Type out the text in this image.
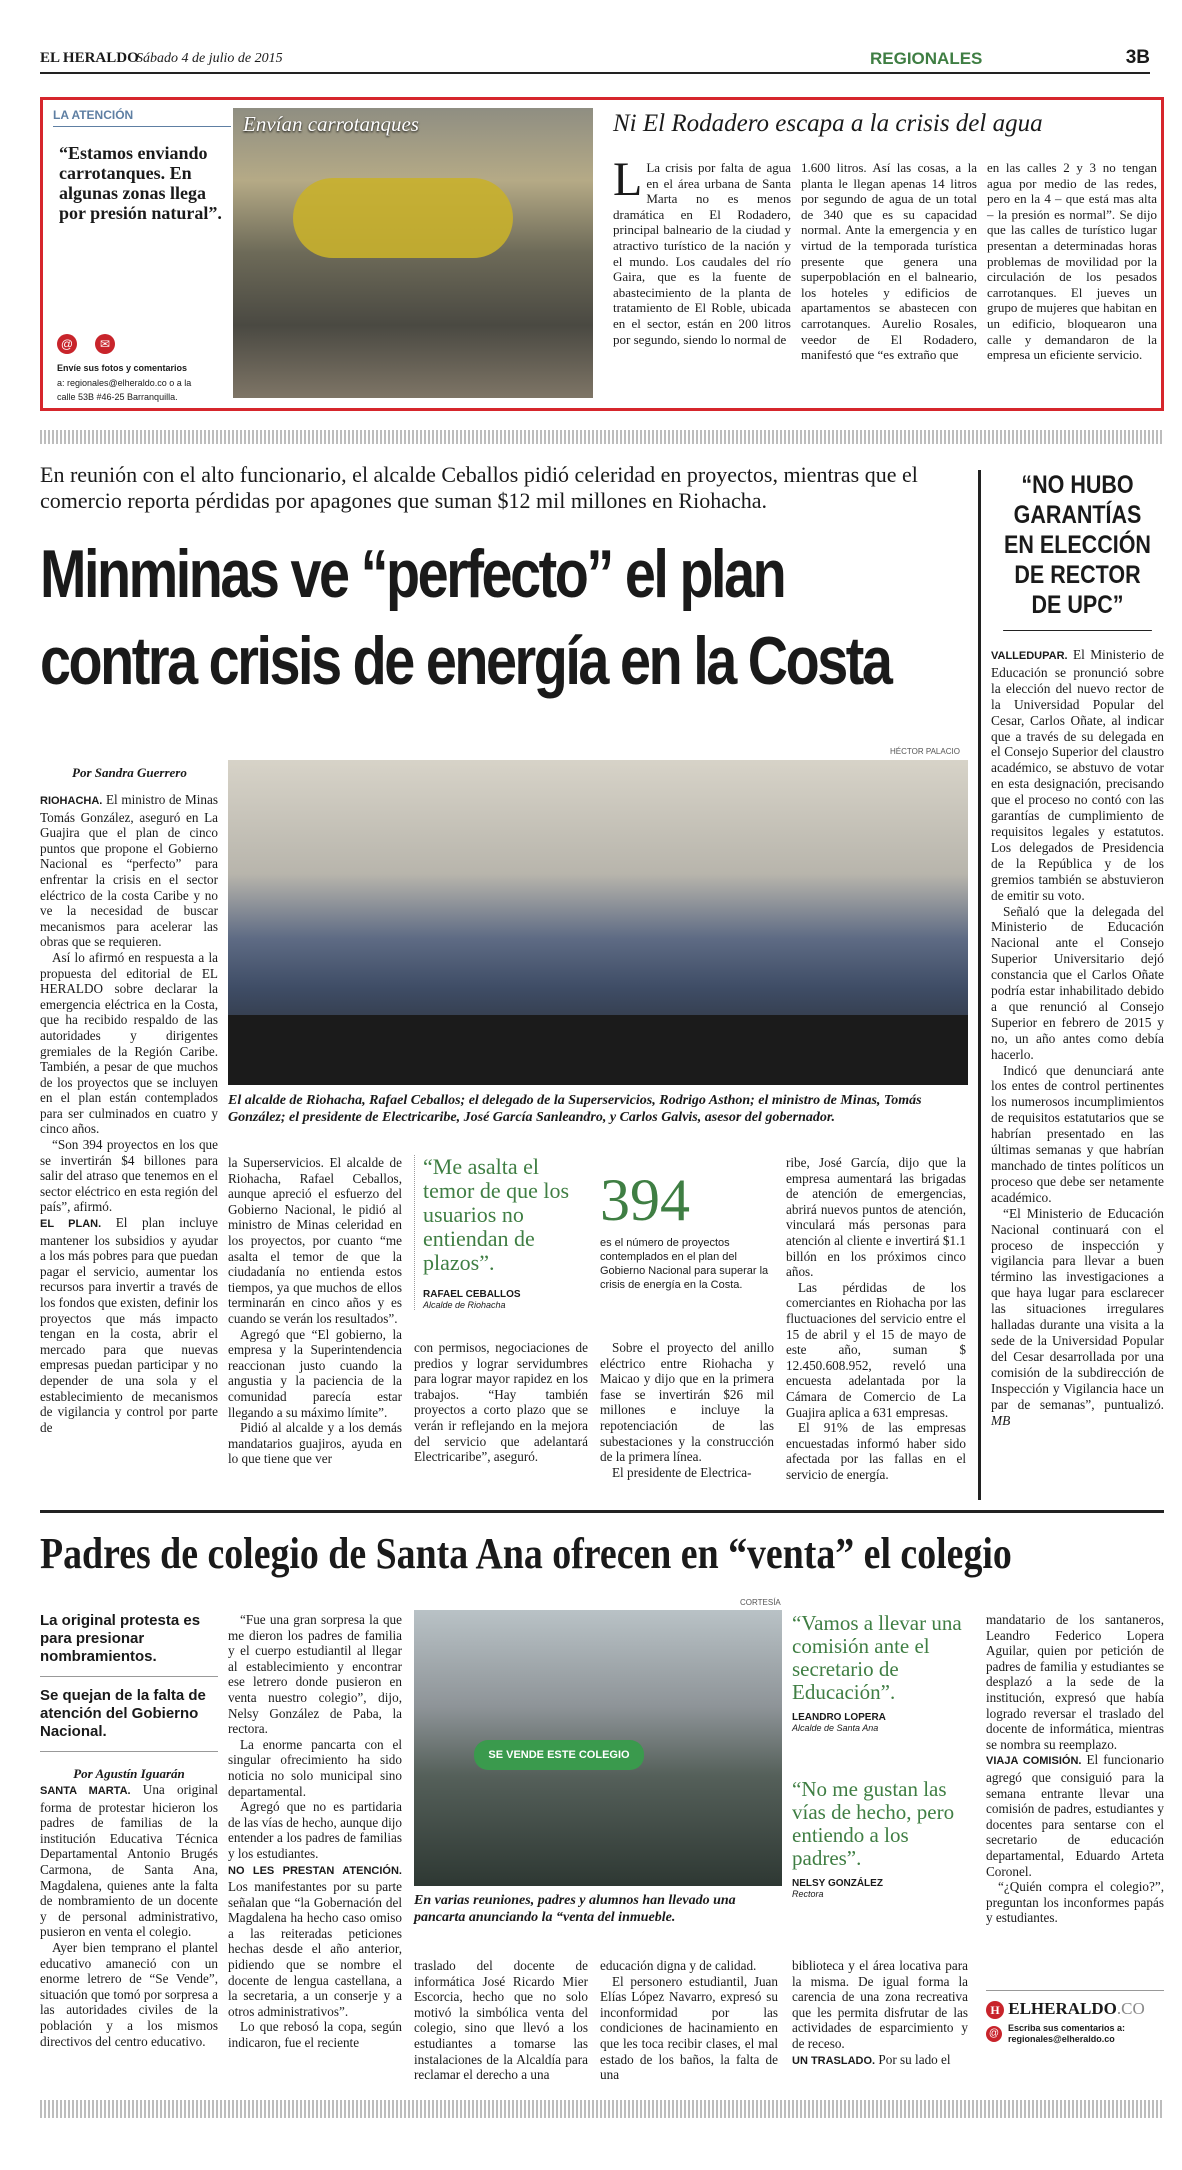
EL HERALDO
Sábado 4 de julio de 2015	REGIONALES	3B
LA ATENCIÓN
“Estamos enviando carrotanques. En algunas zonas llega por presión natural”.
@ ✉
Envíe sus fotos y comentarios
a: regionales@elheraldo.co o a la
calle 53B #46-25 Barranquilla.
Envían carrotanques	Ni El Rodadero escapa a la crisis del agua

L La crisis por falta de agua en el área urbana de Santa Marta no es menos dramática en El Rodadero, principal balneario de la ciudad y atractivo turístico de la nación y el mundo. Los caudales del río Gaira, que es la fuente de abastecimiento de la planta de tratamiento de El Roble, ubicada en el sector, están en 200 litros por segundo, siendo lo normal de

1.600 litros. Así las cosas, a la planta le llegan apenas 14 litros por segundo de agua de un total de 340 que es su capacidad normal. Ante la emergencia y en virtud de la temporada turística presente que genera una superpoblación en el balneario, los hoteles y edificios de apartamentos se abastecen con carrotanques. Aurelio Rosales, veedor de El Rodadero, manifestó que “es extraño que

en las calles 2 y 3 no tengan agua por medio de las redes, pero en la 4 – que está mas alta – la presión es normal”. Se dijo que las calles de turístico lugar presentan a determinadas horas problemas de movilidad por la circulación de los pesados carrotanques. El jueves un grupo de mujeres que habitan en un edificio, bloquearon una calle y demandaron de la empresa un eficiente servicio.

En reunión con el alto funcionario, el alcalde Ceballos pidió celeridad en proyectos, mientras que el comercio reporta pérdidas por apagones que suman $12 mil millones en Riohacha.
Minminas ve “perfecto” el plan
contra crisis de energía en la Costa
Por Sandra Guerrero
HÉCTOR PALACIO
El alcalde de Riohacha, Rafael Ceballos; el delegado de la Superservicios, Rodrigo Asthon; el ministro de Minas, Tomás González; el presidente de Electricaribe, José García Sanleandro, y Carlos Galvis, asesor del gobernador.

RIOHACHA. El ministro de Minas Tomás González, aseguró en La Guajira que el plan de cinco puntos que propone el Gobierno Nacional es “perfecto” para enfrentar la crisis en el sector eléctrico de la costa Caribe y no ve la necesidad de buscar mecanismos para acelerar las obras que se requieren.

Así lo afirmó en respuesta a la propuesta del editorial de EL HERALDO sobre declarar la emergencia eléctrica en la Costa, que ha recibido respaldo de las autoridades y dirigentes gremiales de la Región Caribe. También, a pesar de que muchos de los proyectos que se incluyen en el plan están contemplados para ser culminados en cuatro y cinco años.

“Son 394 proyectos en los que se invertirán $4 billones para salir del atraso que tenemos en el sector eléctrico en esta región del país”, afirmó.

EL PLAN. El plan incluye mantener los subsidios y ayudar a los más pobres para que puedan pagar el servicio, aumentar los recursos para invertir a través de los fondos que existen, definir los proyectos que más impacto tengan en la costa, abrir el mercado para que nuevas empresas puedan participar y no depender de una sola y el establecimiento de mecanismos de vigilancia y control por parte de

la Superservicios. El alcalde de Riohacha, Rafael Ceballos, aunque apreció el esfuerzo del Gobierno Nacional, le pidió al ministro de Minas celeridad en los proyectos, por cuanto “me asalta el temor de que la ciudadanía no entienda estos tiempos, ya que muchos de ellos terminarán en cinco años y es cuando se verán los resultados”.

Agregó que “El gobierno, la empresa y la Superintendencia reaccionan justo cuando la angustia y la paciencia de la comunidad parecía estar llegando a su máximo límite”.

Pidió al alcalde y a los demás mandatarios guajiros, ayuda en lo que tiene que ver

“Me asalta el temor de que los usuarios no entiendan de plazos”.
RAFAEL CEBALLOS
Alcalde de Riohacha

con permisos, negociaciones de predios y lograr servidumbres para lograr mayor rapidez en los trabajos. “Hay también proyectos a corto plazo que se verán ir reflejando en la mejora del servicio que adelantará Electricaribe”, aseguró.

394
es el número de proyectos contemplados en el plan del Gobierno Nacional para superar la crisis de energía en la Costa.

Sobre el proyecto del anillo eléctrico entre Riohacha y Maicao y dijo que en la primera fase se invertirán $26 mil millones e incluye la repotenciación de las subestaciones y la construcción de la primera línea.

El presidente de Electrica-

ribe, José García, dijo que la empresa aumentará las brigadas de atención de emergencias, abrirá nuevos puntos de atención, vinculará más personas para atención al cliente e invertirá $1.1 billón en los próximos cinco años.

Las pérdidas de los comerciantes en Riohacha por las fluctuaciones del servicio entre el 15 de abril y el 15 de mayo de este año, suman $ 12.450.608.952, reveló una encuesta adelantada por la Cámara de Comercio de La Guajira aplica a 631 empresas.

El 91% de las empresas encuestadas informó haber sido afectada por las fallas en el servicio de energía.

“NO HUBO GARANTÍAS EN ELECCIÓN DE RECTOR DE UPC”

VALLEDUPAR. El Ministerio de Educación se pronunció sobre la elección del nuevo rector de la Universidad Popular del Cesar, Carlos Oñate, al indicar que a través de su delegada en el Consejo Superior del claustro académico, se abstuvo de votar en esta designación, precisando que el proceso no contó con las garantías de cumplimiento de requisitos legales y estatutos. Los delegados de Presidencia de la República y de los gremios también se abstuvieron de emitir su voto.

Señaló que la delegada del Ministerio de Educación Nacional ante el Consejo Superior Universitario dejó constancia que el Carlos Oñate podría estar inhabilitado debido a que renunció al Consejo Superior en febrero de 2015 y no, un año antes como debía hacerlo.

Indicó que denunciará ante los entes de control pertinentes los numerosos incumplimientos de requisitos estatutarios que se habrían presentado en las últimas semanas y que habrían manchado de tintes políticos un proceso que debe ser netamente académico.

“El Ministerio de Educación Nacional continuará con el proceso de inspección y vigilancia para llevar a buen término las investigaciones a que haya lugar para esclarecer las situaciones irregulares halladas durante una visita a la sede de la Universidad Popular del Cesar desarrollada por una comisión de la subdirección de Inspección y Vigilancia hace un par de semanas”, puntualizó. MB

Padres de colegio de Santa Ana ofrecen en “venta” el colegio
La original protesta es para presionar nombramientos.
Se quejan de la falta de atención del Gobierno Nacional.
Por Agustín Iguarán

SANTA MARTA. Una original forma de protestar hicieron los padres de familias de la institución Educativa Técnica Departamental Antonio Brugés Carmona, de Santa Ana, Magdalena, quienes ante la falta de nombramiento de un docente y de personal administrativo, pusieron en venta el colegio.

Ayer bien temprano el plantel educativo amaneció con un enorme letrero de “Se Vende”, situación que tomó por sorpresa a las autoridades civiles de la población y a los mismos directivos del centro educativo.

“Fue una gran sorpresa la que me dieron los padres de familia y el cuerpo estudiantil al llegar al establecimiento y encontrar ese letrero donde pusieron en venta nuestro colegio”, dijo, Nelsy González de Paba, la rectora.

La enorme pancarta con el singular ofrecimiento ha sido noticia no solo municipal sino departamental.

Agregó que no es partidaria de las vías de hecho, aunque dijo entender a los padres de familias y los estudiantes.

NO LES PRESTAN ATENCIÓN. Los manifestantes por su parte señalan que “la Gobernación del Magdalena ha hecho caso omiso a las reiteradas peticiones hechas desde el año anterior, pidiendo que se nombre el docente de lengua castellana, a la secretaria, a un conserje y a otros administrativos”.

Lo que rebosó la copa, según indicaron, fue el reciente

CORTESÍA
SE VENDE ESTE COLEGIO
En varias reuniones, padres y alumnos han llevado una pancarta anunciando la “venta del inmueble.

traslado del docente de informática José Ricardo Mier Escorcia, hecho que no solo motivó la simbólica venta del colegio, sino que llevó a los estudiantes a tomarse las instalaciones de la Alcaldía para reclamar el derecho a una

educación digna y de calidad.

El personero estudiantil, Juan Elías López Navarro, expresó su inconformidad por las condiciones de hacinamiento en que les toca recibir clases, el mal estado de los baños, la falta de una

“Vamos a llevar una comisión ante el secretario de Educación”.
LEANDRO LOPERA
Alcalde de Santa Ana
“No me gustan las vías de hecho, pero entiendo a los padres”.
NELSY GONZÁLEZ
Rectora

biblioteca y el área locativa para la misma. De igual forma la carencia de una zona recreativa que les permita disfrutar de las actividades de esparcimiento y de receso.

UN TRASLADO. Por su lado el

mandatario de los santaneros, Leandro Federico Lopera Aguilar, quien por petición de padres de familia y estudiantes se desplazó a la sede de la institución, expresó que había logrado reversar el traslado del docente de informática, mientras se nombra su reemplazo.

VIAJA COMISIÓN. El funcionario agregó que consiguió para la semana entrante llevar una comisión de padres, estudiantes y docentes para sentarse con el secretario de educación departamental, Eduardo Arteta Coronel.

“¿Quién compra el colegio?”, preguntan los inconformes papás y estudiantes.

H ELHERALDO.CO
@ Escriba sus comentarios a:
regionales@elheraldo.co
